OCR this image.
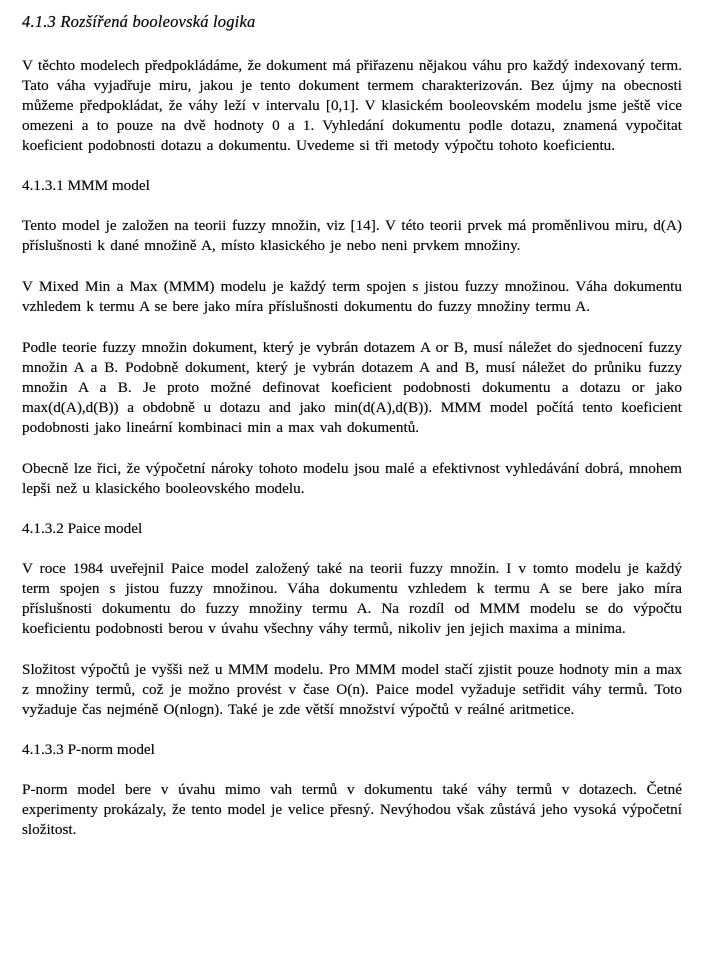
4.1.3 Rozšířená booleovská logika

V těchto modelech předpokládáme, že dokument má přiřazenu nějakou váhu pro každý indexovaný term. Tato váha vyjadřuje miru, jakou je tento dokument termem charakterizován. Bez újmy na obecnosti můžeme předpokládat, že váhy leží v intervalu [0,1]. V klasickém booleovském modelu jsme ještě vice omezeni a to pouze na dvě hodnoty 0 a 1. Vyhledání dokumentu podle dotazu, znamená vypočitat koeficient podobnosti dotazu a dokumentu. Uvedeme si tři metody výpočtu tohoto koeficientu.

4.1.3.1 MMM model

Tento model je založen na teorii fuzzy množin, viz [14]. V této teorii prvek má proměnlivou miru, d(A) příslušnosti k dané množině A, místo klasického je nebo neni prvkem množiny.

V Mixed Min a Max (MMM) modelu je každý term spojen s jistou fuzzy množinou. Váha dokumentu vzhledem k termu A se bere jako míra příslušnosti dokumentu do fuzzy množiny termu A.

Podle teorie fuzzy množin dokument, který je vybrán dotazem A or B, musí náležet do sjednocení fuzzy množin A a B. Podobně dokument, který je vybrán dotazem A and B, musí náležet do průniku fuzzy množin A a B. Je proto možné definovat koeficient podobnosti dokumentu a dotazu or jako max(d(A),d(B)) a obdobně u dotazu and jako min(d(A),d(B)). MMM model počítá tento koeficient podobnosti jako lineární kombinaci min a max vah dokumentů.

Obecně lze řici, že výpočetní nároky tohoto modelu jsou malé a efektivnost vyhledávání dobrá, mnohem lepši než u klasického booleovského modelu.

4.1.3.2 Paice model

V roce 1984 uveřejnil Paice model založený také na teorii fuzzy množin. I v tomto modelu je každý term spojen s jistou fuzzy množinou. Váha dokumentu vzhledem k termu A se bere jako míra příslušnosti dokumentu do fuzzy množiny termu A. Na rozdíl od MMM modelu se do výpočtu koeficientu podobnosti berou v úvahu všechny váhy termů, nikoliv jen jejich maxima a minima.

Složitost výpočtů je vyšši než u MMM modelu. Pro MMM model stačí zjistit pouze hodnoty min a max z množiny termů, což je možno provést v čase O(n). Paice model vyžaduje setřidit váhy termů. Toto vyžaduje čas nejméně O(nlogn). Také je zde větší množství výpočtů v reálné aritmetice.

4.1.3.3 P-norm model

P-norm model bere v úvahu mimo vah termů v dokumentu také váhy termů v dotazech. Četné experimenty prokázaly, že tento model je velice přesný. Nevýhodou však zůstává jeho vysoká výpočetní složitost.
